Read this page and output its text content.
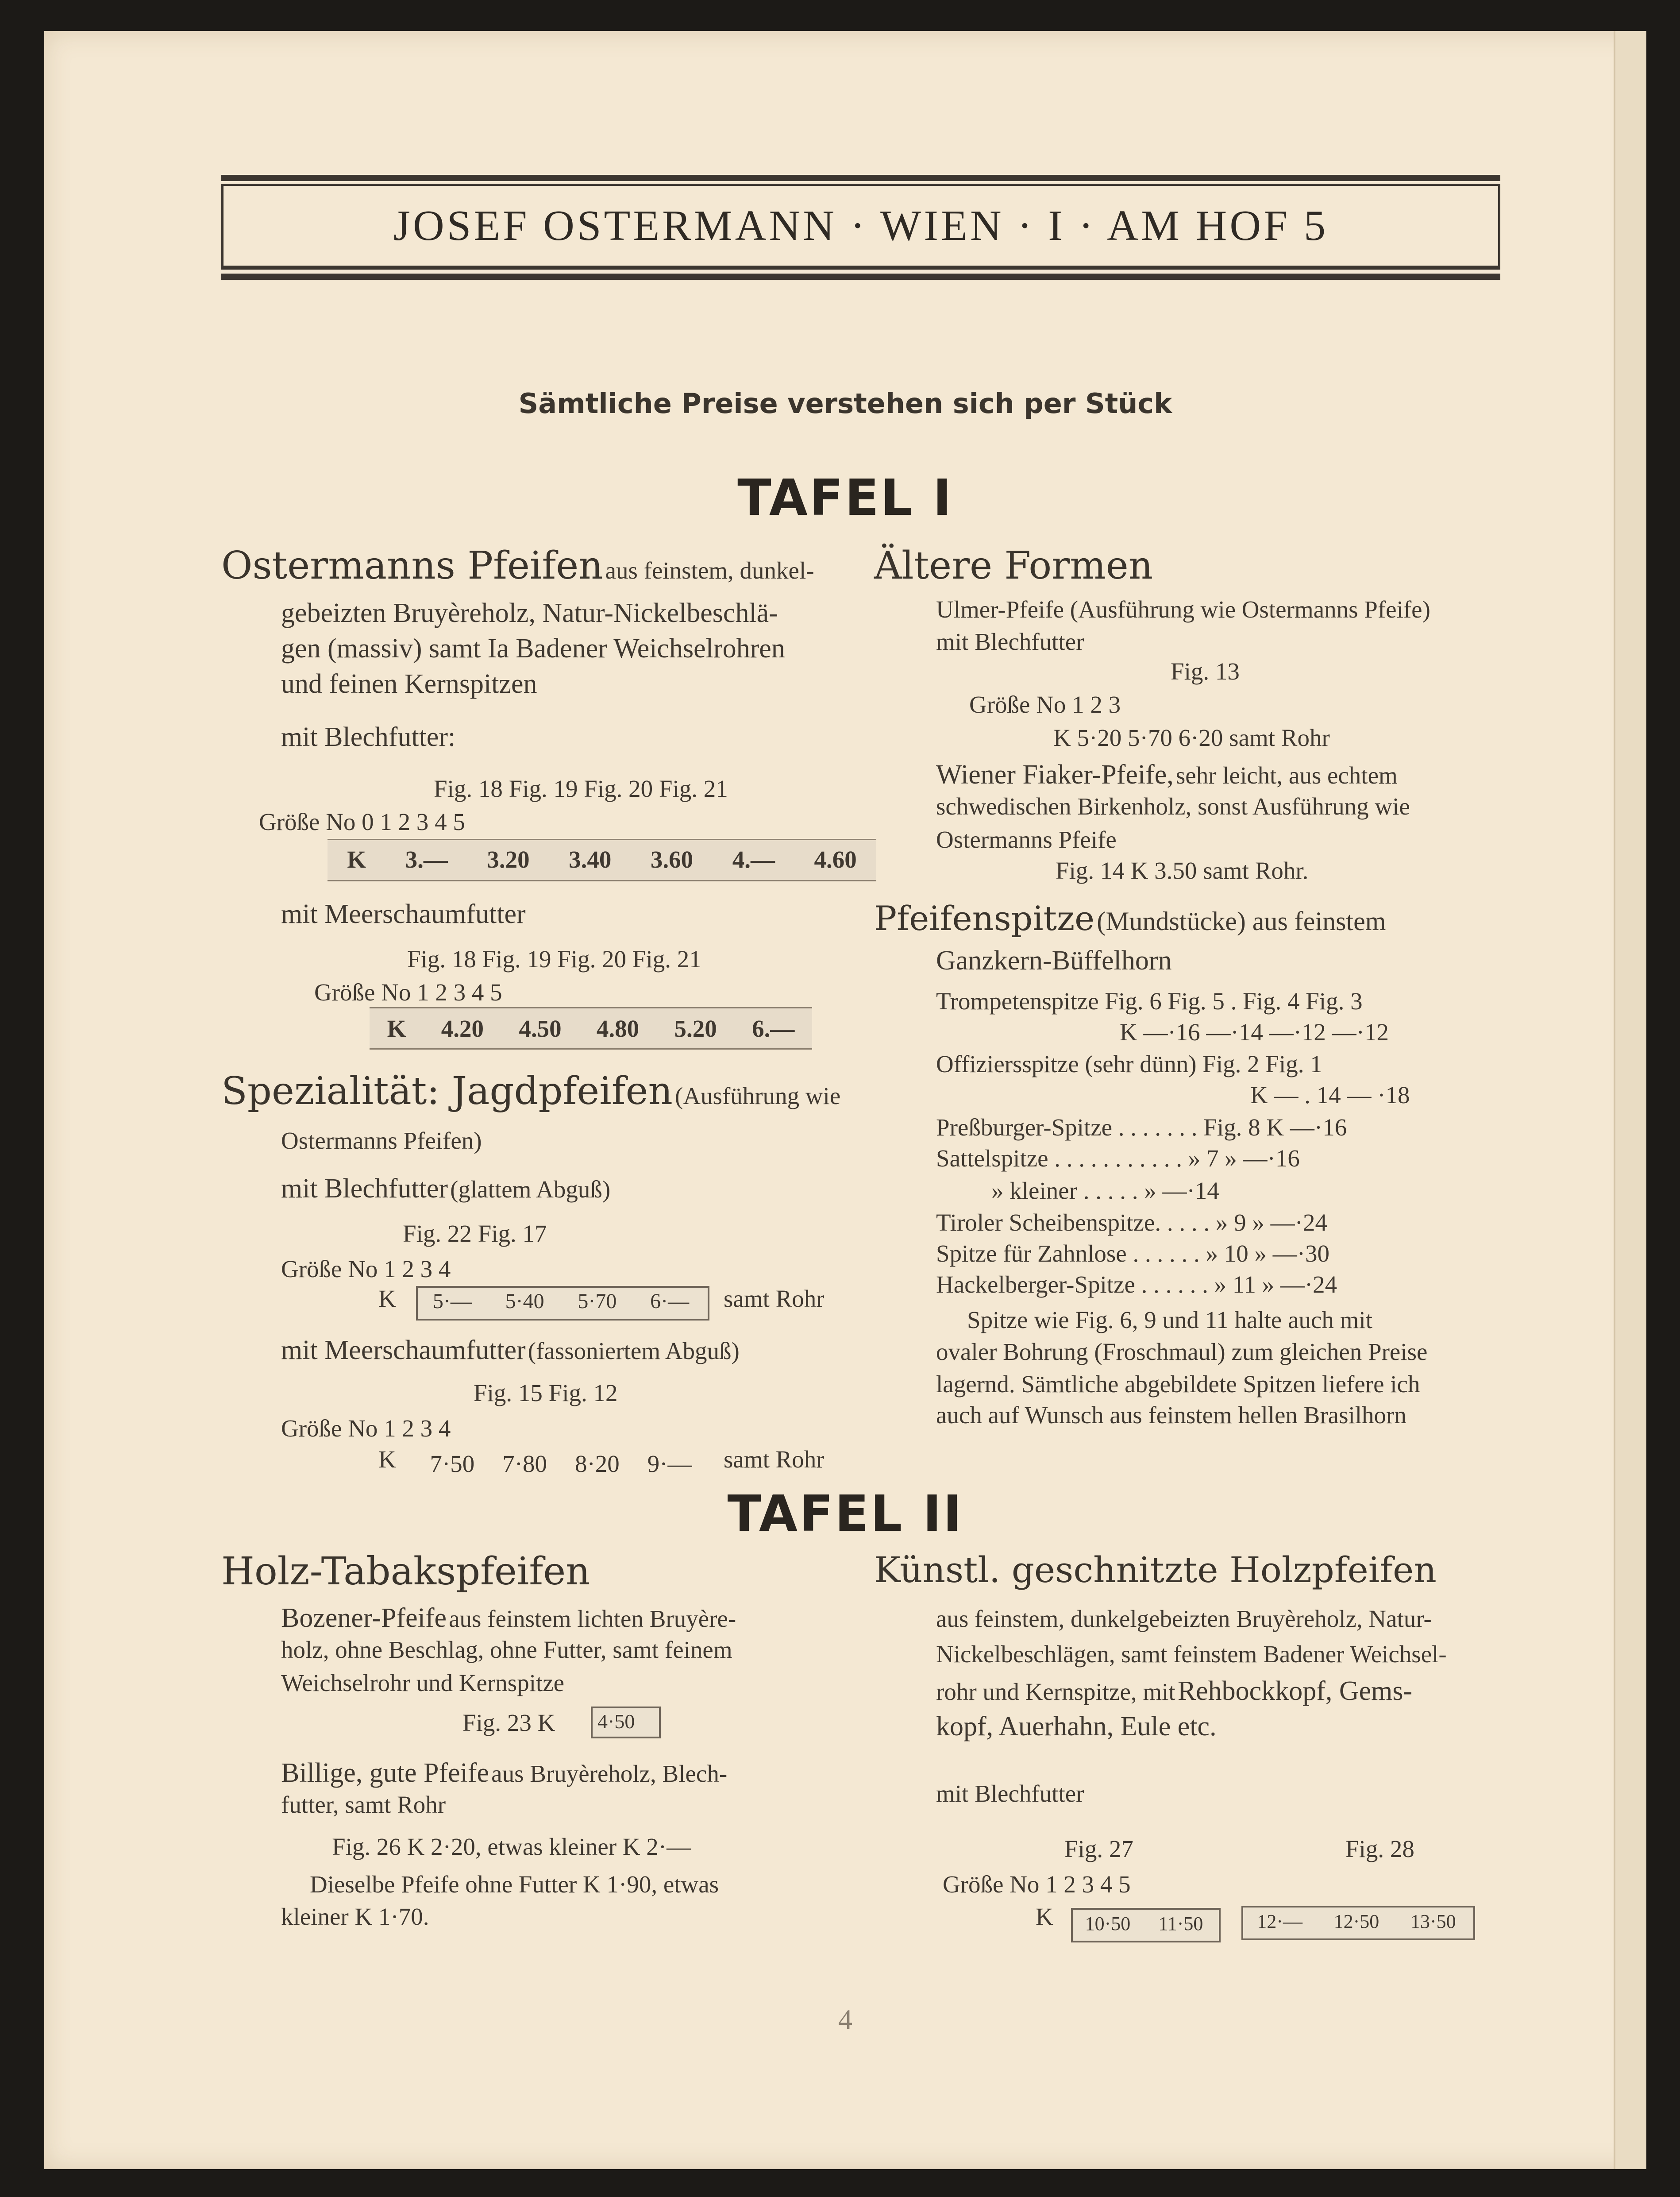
JOSEF OSTERMANN · WIEN · I · AM HOF 5
Sämtliche Preise verstehen sich per Stück
TAFEL I
Ostermanns Pfeifen aus feinstem, dunkel-
gebeizten Bruyèreholz, Natur-Nickelbeschlä-
gen (massiv) samt Ia Badener Weichselrohren
und feinen Kernspitzen
mit Blechfutter:
Fig. 18 Fig. 19 Fig. 20 Fig. 21
Größe No 0 1 2 3 4 5
K 3.— 3.20 3.40 3.60 4.— 4.60
mit Meerschaumfutter
Fig. 18 Fig. 19 Fig. 20 Fig. 21
Größe No 1 2 3 4 5
K 4.20 4.50 4.80 5.20 6.—
Spezialität: Jagdpfeifen (Ausführung wie
Ostermanns Pfeifen)
mit Blechfutter (glattem Abguß)
Fig. 22 Fig. 17
Größe No 1 2 3 4
K 5·— 5·40 5·70 6·— samt Rohr
mit Meerschaumfutter (fassoniertem Abguß)
Fig. 15 Fig. 12
Größe No 1 2 3 4
K 7·50 7·80 8·20 9·— samt Rohr
Ältere Formen
Ulmer-Pfeife (Ausführung wie Ostermanns Pfeife)
mit Blechfutter
Fig. 13
Größe No 1 2 3
K 5·20 5·70 6·20 samt Rohr
Wiener Fiaker-Pfeife, sehr leicht, aus echtem
schwedischen Birkenholz, sonst Ausführung wie
Ostermanns Pfeife
Fig. 14 K 3.50 samt Rohr.
Pfeifenspitze (Mundstücke) aus feinstem
Ganzkern-Büffelhorn
Trompetenspitze Fig. 6 Fig. 5 . Fig. 4 Fig. 3
K —·16 —·14 —·12 —·12
Offiziersspitze (sehr dünn) Fig. 2 Fig. 1
K — . 14 — ·18
Preßburger-Spitze . . . . . . . Fig. 8 K —·16
Sattelspitze . . . . . . . . . . . » 7 » —·16
» kleiner . . . . . » —·14
Tiroler Scheibenspitze. . . . . » 9 » —·24
Spitze für Zahnlose . . . . . . » 10 » —·30
Hackelberger-Spitze . . . . . . » 11 » —·24
Spitze wie Fig. 6, 9 und 11 halte auch mit
ovaler Bohrung (Froschmaul) zum gleichen Preise
lagernd. Sämtliche abgebildete Spitzen liefere ich
auch auf Wunsch aus feinstem hellen Brasilhorn
TAFEL II
Holz-Tabakspfeifen
Bozener-Pfeife aus feinstem lichten Bruyère-
holz, ohne Beschlag, ohne Futter, samt feinem
Weichselrohr und Kernspitze
Fig. 23 K 4·50
Billige, gute Pfeife aus Bruyèreholz, Blech-
futter, samt Rohr
Fig. 26 K 2·20, etwas kleiner K 2·—
Dieselbe Pfeife ohne Futter K 1·90, etwas
kleiner K 1·70.
Künstl. geschnitzte Holzpfeifen
aus feinstem, dunkelgebeizten Bruyèreholz, Natur-
Nickelbeschlägen, samt feinstem Badener Weichsel-
rohr und Kernspitze, mit Rehbockkopf, Gems-
kopf, Auerhahn, Eule etc.
mit Blechfutter
Fig. 27	Fig. 28
Größe No 1 2 3 4 5
K 10·50 11·50	12·— 12·50 13·50
4
